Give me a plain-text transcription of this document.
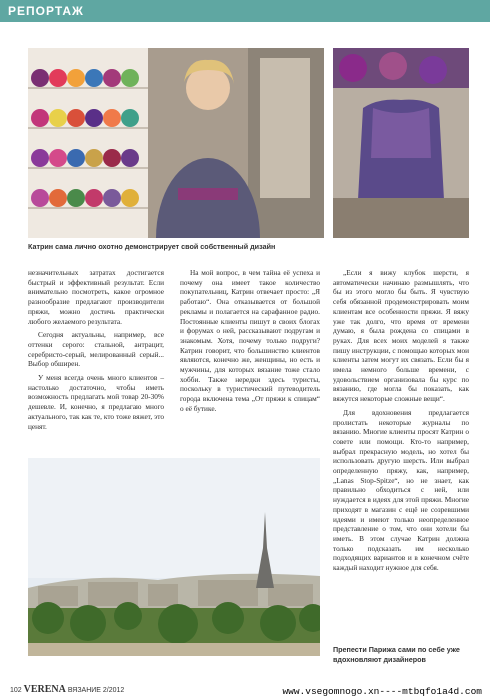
РЕПОРТАЖ
Катрин сама лично охотно демонстрирует свой собственный дизайн

незначительных затратах достигается быстрый и эффективный результат. Если внимательно посмотреть, какое огромное разнообразие предлагают производители пряжи, можно достичь практически любого желаемого результата.

Сегодня актуальны, например, все оттенки серого: стальной, антрацит, серебристо-серый, мелированный серый... Выбор обширен.

У меня всегда очень много клиентов – настолько достаточно, чтобы иметь возможность предлагать мой товар 20-30% дешевле. И, конечно, я предлагаю много актуального, так как те, кто тоже вяжет, это ценят.

На мой вопрос, в чем тайна её успеха и почему она имеет такое количество покупательниц, Катрин отвечает просто: „Я работаю“. Она отказывается от большой рекламы и полагается на сарафанное радио. Постоянные клиенты пишут в своих блогах и форумах о ней, рассказывают подругам и знакомым. Хотя, почему только подруги? Катрин говорит, что большинство клиентов являются, конечно же, женщины, но есть и мужчины, для которых вязание тоже стало хобби. Также нередки здесь туристы, поскольку в туристический путеводитель города включена тема „От пряжи к спицам“ о её бутике.

„Если я вижу клубок шерсти, я автоматически начинаю размышлять, что бы из этого могло бы быть. Я чувствую себя обязанной продемонстрировать моим клиентам все особенности пряжи. Я вяжу уже так долго, что время от времени думаю, я была рождена со спицами в руках. Для всех моих моделей я также пишу инструкции, с помощью которых мои клиенты затем могут их связать. Если бы я имела немного больше времени, с удовольствием организовала бы курс по вязанию, где могла бы показать, как вяжутся некоторые сложные вещи“.

Для вдохновения предлагается пролистать некоторые журналы по вязанию. Многие клиенты просят Катрин о совете или помощи. Кто-то например, выбрал прекрасную модель, но хотел бы использовать другую шерсть. Или выбрал определенную пряжу, как, например, „Lanas Stop-Spitze“, но не знает, как правильно обходиться с ней, или нуждается в идеях для этой пряжи. Многие приходят в магазин с ещё не созревшими идеями и имеют только неопределенное представление о том, что они хотели бы иметь. В этом случае Катрин должна только подсказать им несколько подходящих вариантов и в конечном счёте каждый находит нужное для себя.

Препести Парижа сами по себе уже вдохновляют дизайнеров
102 VERENA ВЯЗАНИЕ 2/2012	www.vsegomnogo.xn----mtbqfo1a4d.com
